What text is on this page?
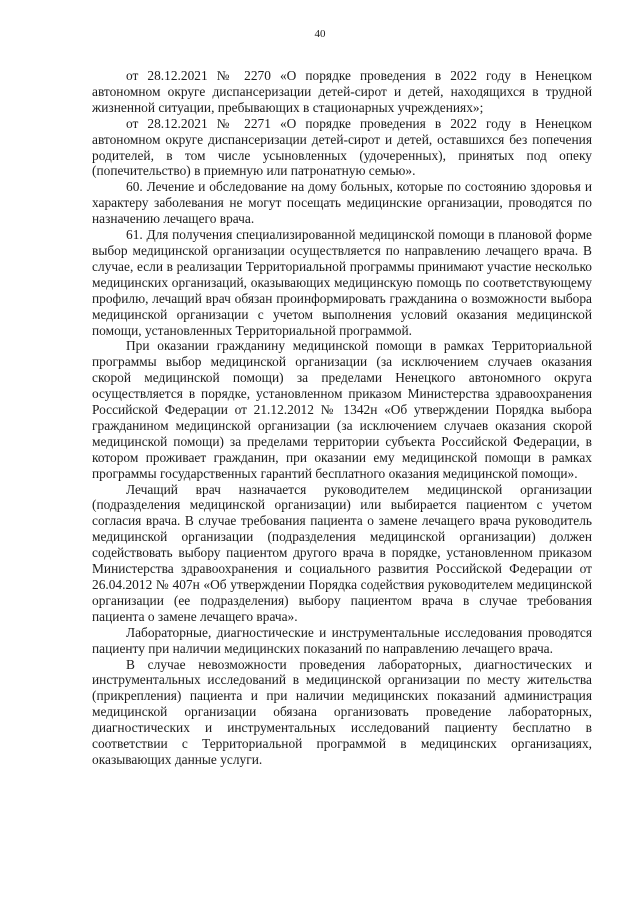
40

от 28.12.2021 № 2270 «О порядке проведения в 2022 году в Ненецком автономном округе диспансеризации детей-сирот и детей, находящихся в трудной жизненной ситуации, пребывающих в стационарных учреждениях»;

от 28.12.2021 № 2271 «О порядке проведения в 2022 году в Ненецком автономном округе диспансеризации детей-сирот и детей, оставшихся без попечения родителей, в том числе усыновленных (удочеренных), принятых под опеку (попечительство) в приемную или патронатную семью».

60. Лечение и обследование на дому больных, которые по состоянию здоровья и характеру заболевания не могут посещать медицинские организации, проводятся по назначению лечащего врача.

61. Для получения специализированной медицинской помощи в плановой форме выбор медицинской организации осуществляется по направлению лечащего врача. В случае, если в реализации Территориальной программы принимают участие несколько медицинских организаций, оказывающих медицинскую помощь по соответствующему профилю, лечащий врач обязан проинформировать гражданина о возможности выбора медицинской организации с учетом выполнения условий оказания медицинской помощи, установленных Территориальной программой.

При оказании гражданину медицинской помощи в рамках Территориальной программы выбор медицинской организации (за исключением случаев оказания скорой медицинской помощи) за пределами Ненецкого автономного округа осуществляется в порядке, установленном приказом Министерства здравоохранения Российской Федерации от 21.12.2012 № 1342н «Об утверждении Порядка выбора гражданином медицинской организации (за исключением случаев оказания скорой медицинской помощи) за пределами территории субъекта Российской Федерации, в котором проживает гражданин, при оказании ему медицинской помощи в рамках программы государственных гарантий бесплатного оказания медицинской помощи».

Лечащий врач назначается руководителем медицинской организации (подразделения медицинской организации) или выбирается пациентом с учетом согласия врача. В случае требования пациента о замене лечащего врача руководитель медицинской организации (подразделения медицинской организации) должен содействовать выбору пациентом другого врача в порядке, установленном приказом Министерства здравоохранения и социального развития Российской Федерации от 26.04.2012 № 407н «Об утверждении Порядка содействия руководителем медицинской организации (ее подразделения) выбору пациентом врача в случае требования пациента о замене лечащего врача».

Лабораторные, диагностические и инструментальные исследования проводятся пациенту при наличии медицинских показаний по направлению лечащего врача.

В случае невозможности проведения лабораторных, диагностических и инструментальных исследований в медицинской организации по месту жительства (прикрепления) пациента и при наличии медицинских показаний администрация медицинской организации обязана организовать проведение лабораторных, диагностических и инструментальных исследований пациенту бесплатно в соответствии с Территориальной программой в медицинских организациях, оказывающих данные услуги.
